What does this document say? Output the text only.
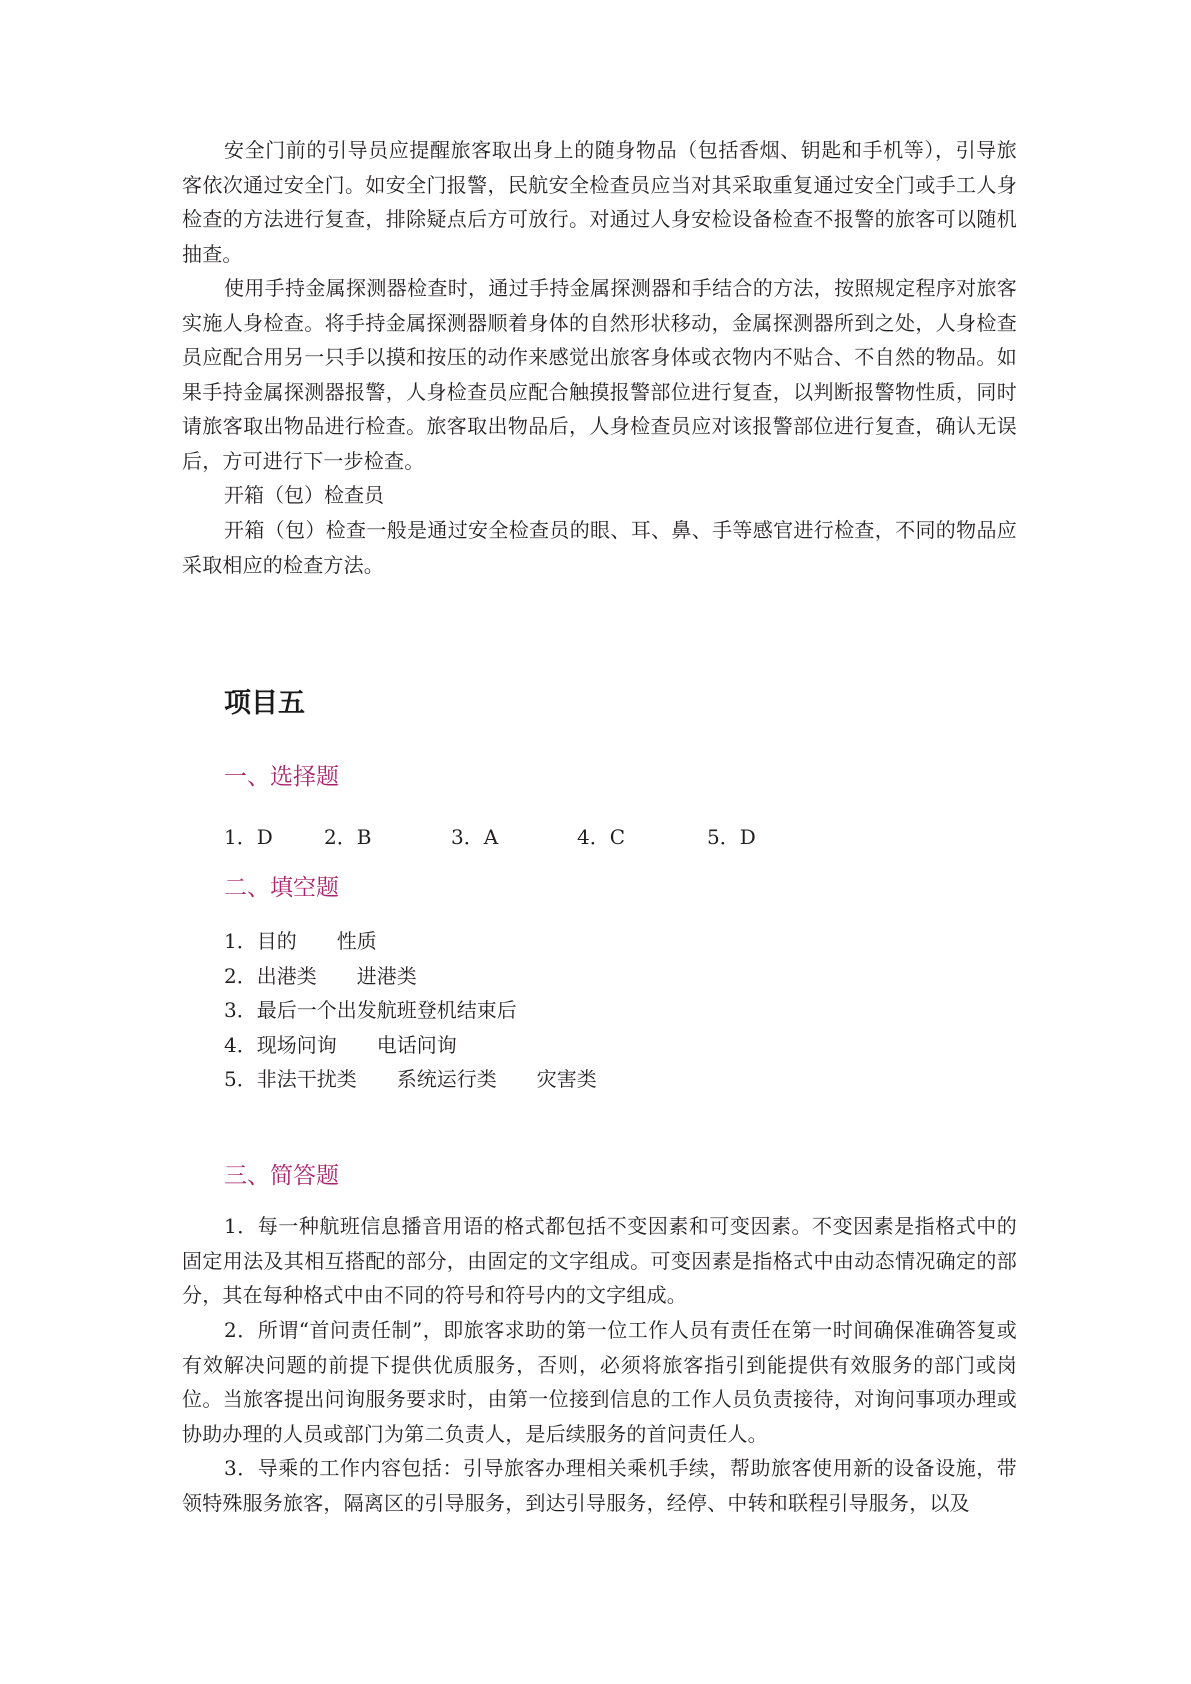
安全门前的引导员应提醒旅客取出身上的随身物品（包括香烟、钥匙和手机等），引导旅客依次通过安全门。如安全门报警，民航安全检查员应当对其采取重复通过安全门或手工人身检查的方法进行复查，排除疑点后方可放行。对通过人身安检设备检查不报警的旅客可以随机抽查。

使用手持金属探测器检查时，通过手持金属探测器和手结合的方法，按照规定程序对旅客实施人身检查。将手持金属探测器顺着身体的自然形状移动，金属探测器所到之处，人身检查员应配合用另一只手以摸和按压的动作来感觉出旅客身体或衣物内不贴合、不自然的物品。如果手持金属探测器报警，人身检查员应配合触摸报警部位进行复查，以判断报警物性质，同时请旅客取出物品进行检查。旅客取出物品后，人身检查员应对该报警部位进行复查，确认无误后，方可进行下一步检查。

开箱（包）检查员

开箱（包）检查一般是通过安全检查员的眼、耳、鼻、手等感官进行检查，不同的物品应采取相应的检查方法。

项目五
一、选择题
1．D	2．B	3．A	4．C	5．D
二、填空题
1．目的 性质
2．出港类 进港类
3．最后一个出发航班登机结束后
4．现场问询 电话问询
5．非法干扰类 系统运行类 灾害类
三、简答题

1．每一种航班信息播音用语的格式都包括不变因素和可变因素。不变因素是指格式中的固定用法及其相互搭配的部分，由固定的文字组成。可变因素是指格式中由动态情况确定的部分，其在每种格式中由不同的符号和符号内的文字组成。

2．所谓“首问责任制”，即旅客求助的第一位工作人员有责任在第一时间确保准确答复或有效解决问题的前提下提供优质服务，否则，必须将旅客指引到能提供有效服务的部门或岗位。当旅客提出问询服务要求时，由第一位接到信息的工作人员负责接待，对询问事项办理或协助办理的人员或部门为第二负责人，是后续服务的首问责任人。

3．导乘的工作内容包括：引导旅客办理相关乘机手续，帮助旅客使用新的设备设施，带领特殊服务旅客，隔离区的引导服务，到达引导服务，经停、中转和联程引导服务，以及
